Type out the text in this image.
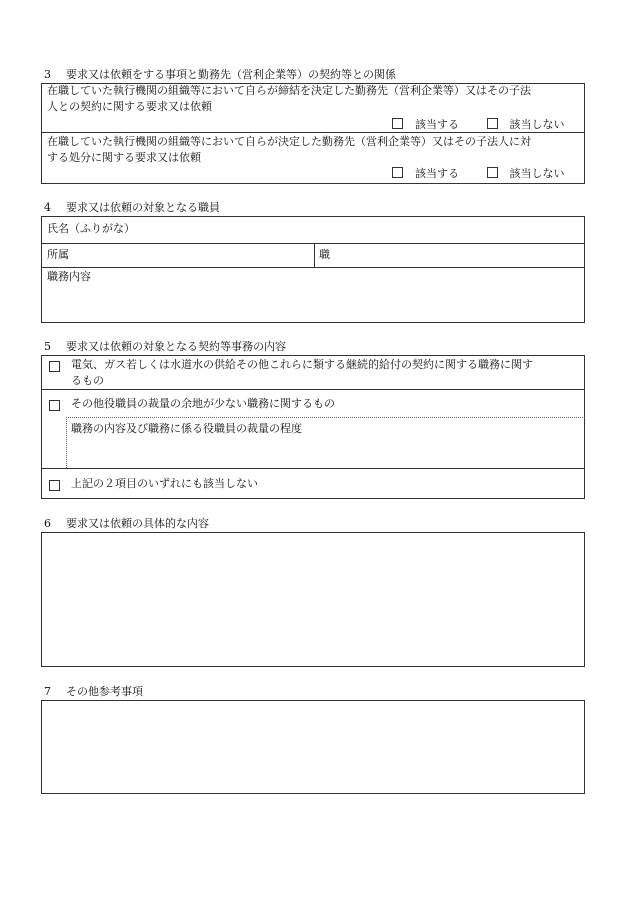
3 要求又は依頼をする事項と勤務先（営利企業等）の契約等との関係
在職していた執行機関の組織等において自らが締結を決定した勤務先（営利企業等）又はその子法
人との契約に関する要求又は依頼
該当する	該当しない
在職していた執行機関の組織等において自らが決定した勤務先（営利企業等）又はその子法人に対
する処分に関する要求又は依頼
該当する	該当しない
4 要求又は依頼の対象となる職員
氏名（ふりがな）
所属	職
職務内容
5 要求又は依頼の対象となる契約等事務の内容
電気、ガス若しくは水道水の供給その他これらに類する継続的給付の契約に関する職務に関す
るもの
その他役職員の裁量の余地が少ない職務に関するもの
職務の内容及び職務に係る役職員の裁量の程度
上記の２項目のいずれにも該当しない
6 要求又は依頼の具体的な内容
7 その他参考事項
